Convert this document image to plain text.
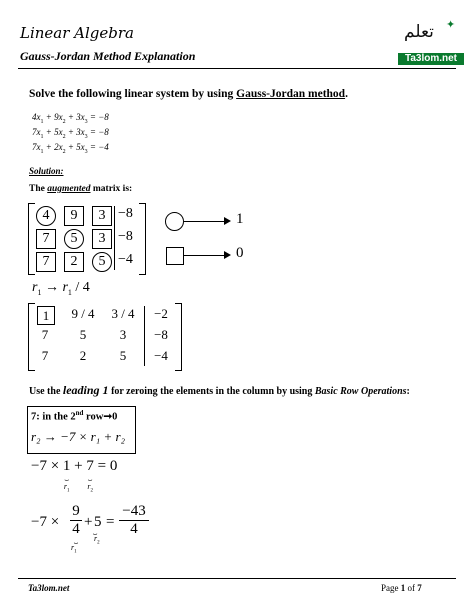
Linear Algebra
Gauss-Jordan Method Explanation
تعلم ✦
Ta3lom.net
Solve the following linear system by using Gauss-Jordan method.
$4x_1 + 9x_2 + 3x_3 = -8$
$7x_1 + 5x_2 + 3x_3 = -8$
$7x_1 + 2x_2 + 5x_3 = -4$
Solution:
The augmented matrix is:
4	9	3 −8
7	5	3 −8
7	2	5 −4
1
0
$r_1 \to r_1 / 4$
1	9 / 4	3 / 4	−2
7	5	3	−8
7	2	5	−4
Use the leading 1 for zeroing the elements in the column by using Basic Row Operations:
7: in the 2nd row➞0
r₂ → −7 × r₁ + r₂
−7 × 1
⏟
$r_1$
+ 7
⏟
$r_2$
= 0
−7 ×
9
4
⏟
$r_1$
+ 5
⏟
$r_2$
=
−43
4
Ta3lom.net	Page 1 of 7
